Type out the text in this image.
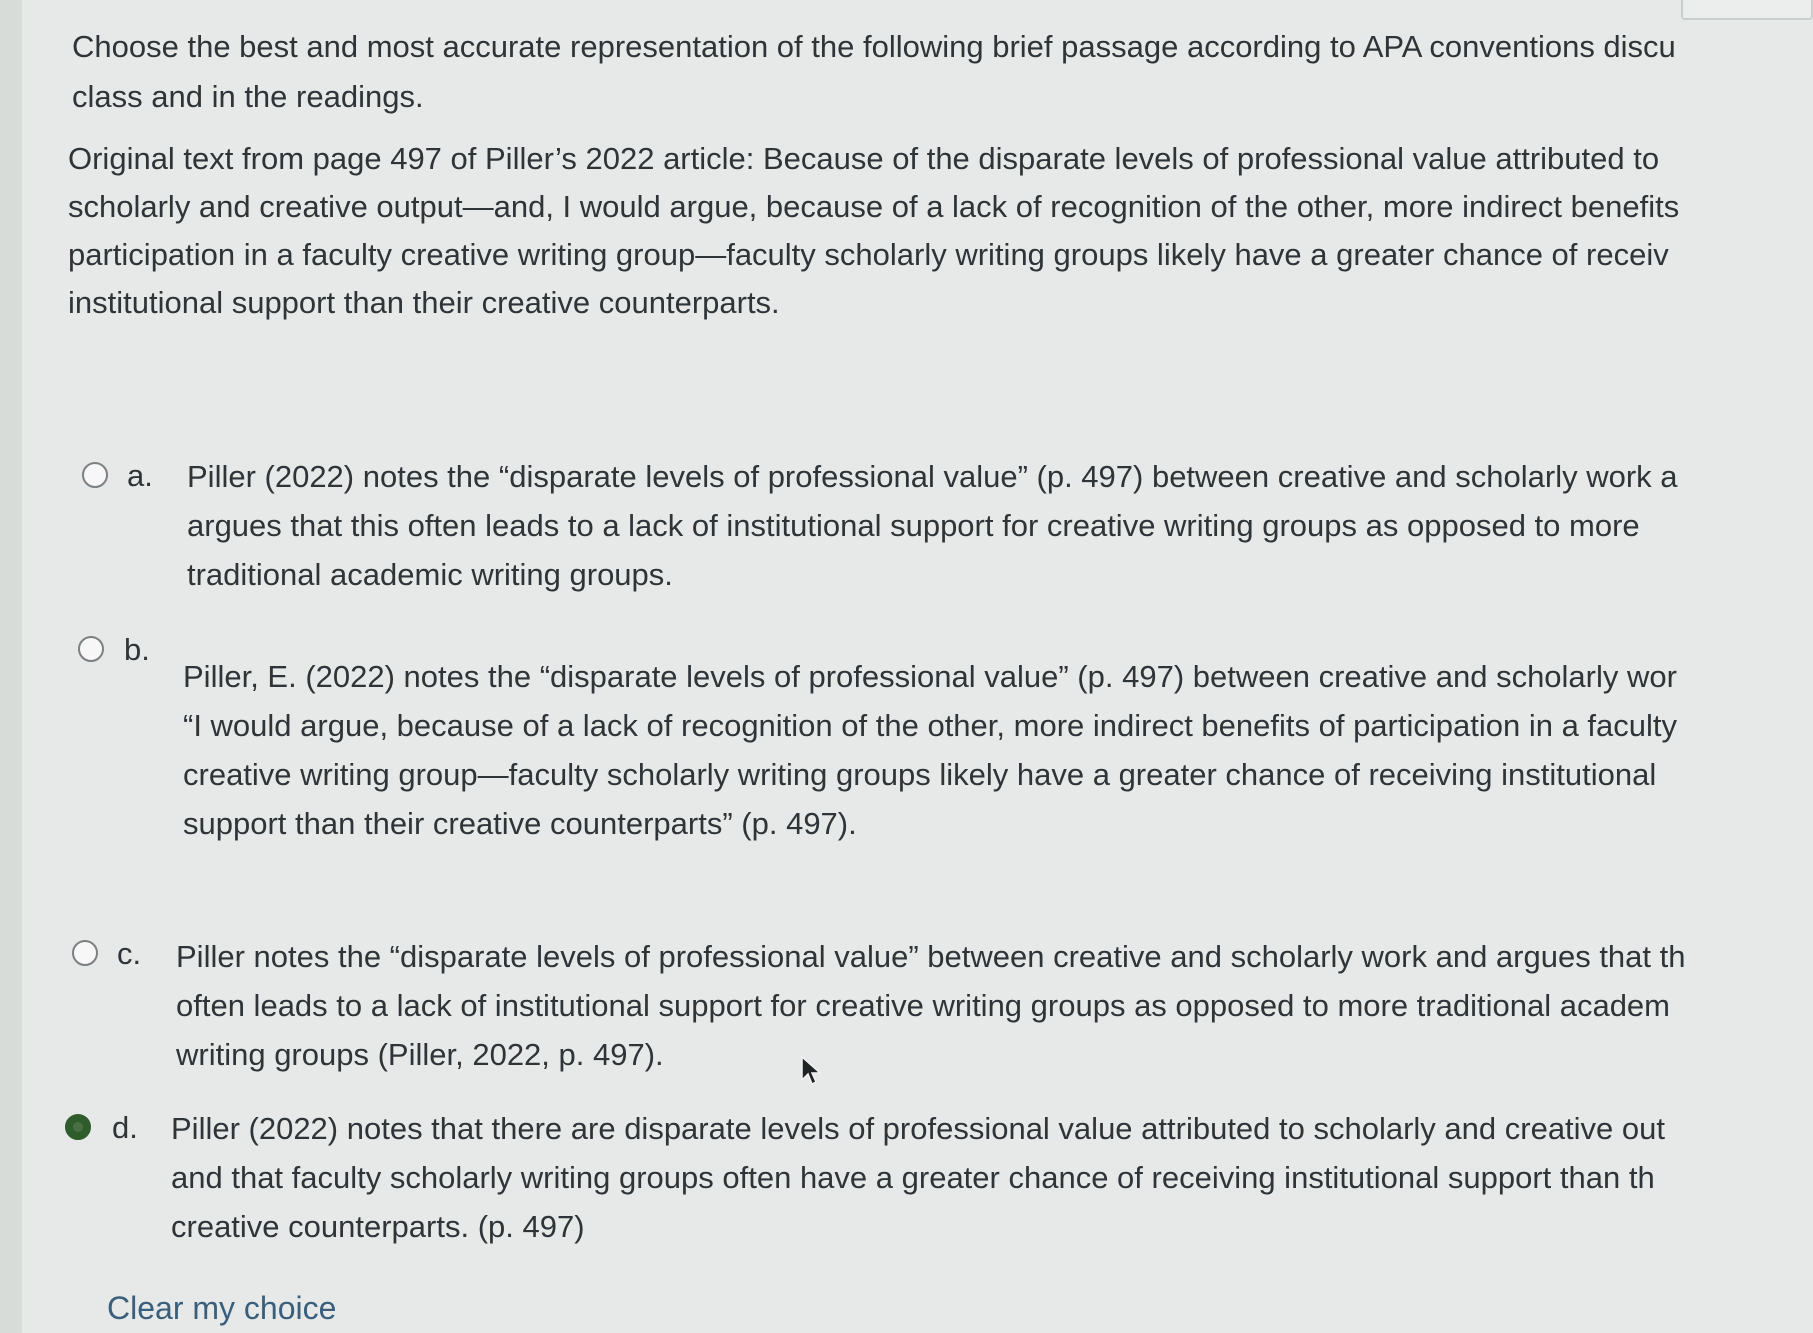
Choose the best and most accurate representation of the following brief passage according to APA conventions discu

class and in the readings.

Original text from page 497 of Piller’s 2022 article: Because of the disparate levels of professional value attributed to

scholarly and creative output—and, I would argue, because of a lack of recognition of the other, more indirect benefits

participation in a faculty creative writing group—faculty scholarly writing groups likely have a greater chance of receiv

institutional support than their creative counterparts.

a. Piller (2022) notes the “disparate levels of professional value” (p. 497) between creative and scholarly work a

argues that this often leads to a lack of institutional support for creative writing groups as opposed to more

traditional academic writing groups.

b.

Piller, E. (2022) notes the “disparate levels of professional value” (p. 497) between creative and scholarly wor

“I would argue, because of a lack of recognition of the other, more indirect benefits of participation in a faculty

creative writing group—faculty scholarly writing groups likely have a greater chance of receiving institutional

support than their creative counterparts” (p. 497).

c. Piller notes the “disparate levels of professional value” between creative and scholarly work and argues that th

often leads to a lack of institutional support for creative writing groups as opposed to more traditional academ

writing groups (Piller, 2022, p. 497).

d. Piller (2022) notes that there are disparate levels of professional value attributed to scholarly and creative out

and that faculty scholarly writing groups often have a greater chance of receiving institutional support than th

creative counterparts. (p. 497)

Clear my choice
